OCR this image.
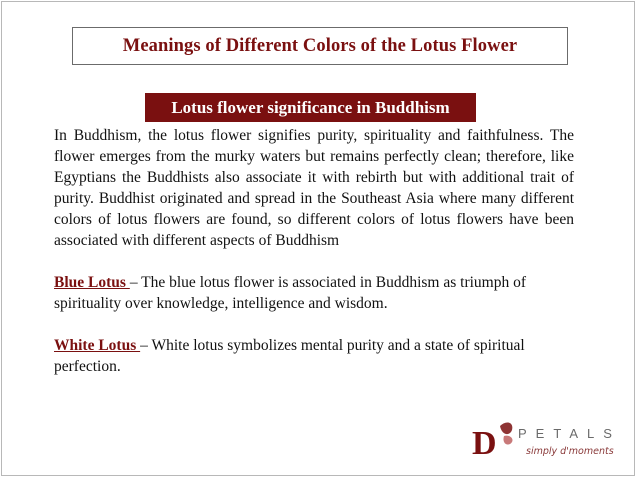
Meanings of Different Colors of the Lotus Flower
Lotus flower significance in Buddhism

In Buddhism, the lotus flower signifies purity, spirituality and faithfulness. The flower emerges from the murky waters but remains perfectly clean; therefore, like Egyptians the Buddhists also associate it with rebirth but with additional trait of purity. Buddhist originated and spread in the Southeast Asia where many different colors of lotus flowers are found, so different colors of lotus flowers have been associated with different aspects of Buddhism

Blue Lotus – The blue lotus flower is associated in Buddhism as triumph of spirituality over knowledge, intelligence and wisdom.

White Lotus – White lotus symbolizes mental purity and a state of spiritual perfection.

D PETALS
simply d'moments
